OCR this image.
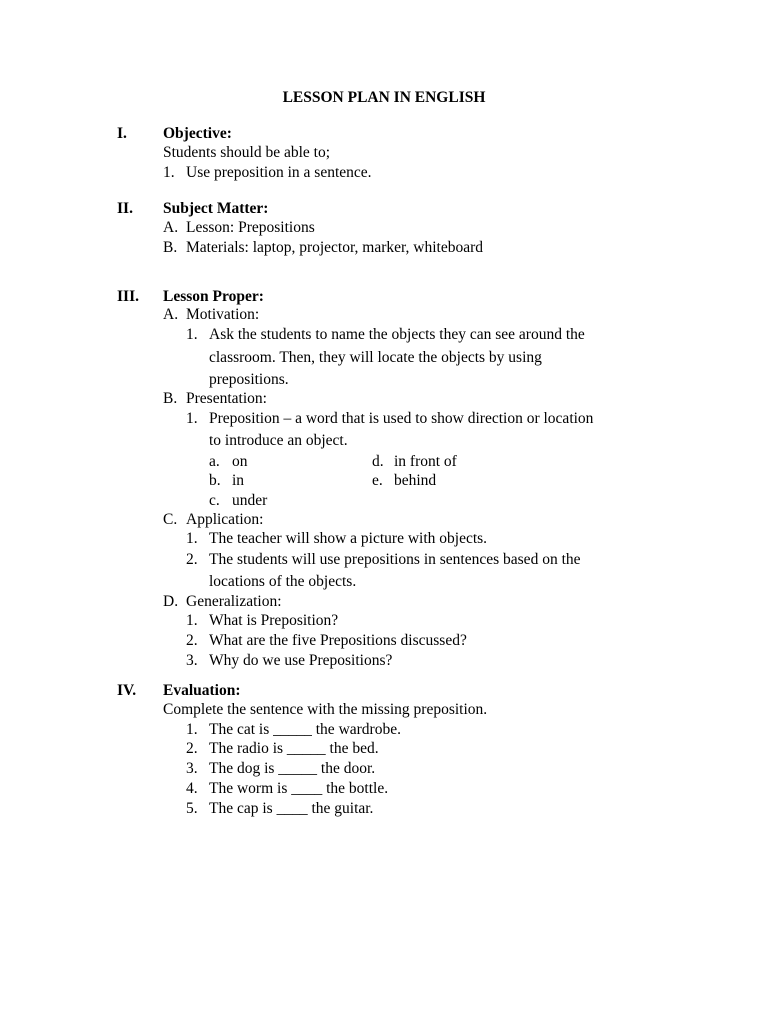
LESSON PLAN IN ENGLISH
I. Objective:
Students should be able to;
1. Use preposition in a sentence.
II. Subject Matter:
A. Lesson: Prepositions
B. Materials: laptop, projector, marker, whiteboard
III. Lesson Proper:
A. Motivation:
1. Ask the students to name the objects they can see around the
classroom. Then, they will locate the objects by using
prepositions.
B. Presentation:
1. Preposition – a word that is used to show direction or location
to introduce an object.
a. on
b. in
c. under
d. in front of
e. behind
C. Application:
1. The teacher will show a picture with objects.
2. The students will use prepositions in sentences based on the
locations of the objects.
D. Generalization:
1. What is Preposition?
2. What are the five Prepositions discussed?
3. Why do we use Prepositions?
IV. Evaluation:
Complete the sentence with the missing preposition.
1. The cat is _____ the wardrobe.
2. The radio is _____ the bed.
3. The dog is _____ the door.
4. The worm is ____ the bottle.
5. The cap is ____ the guitar.
